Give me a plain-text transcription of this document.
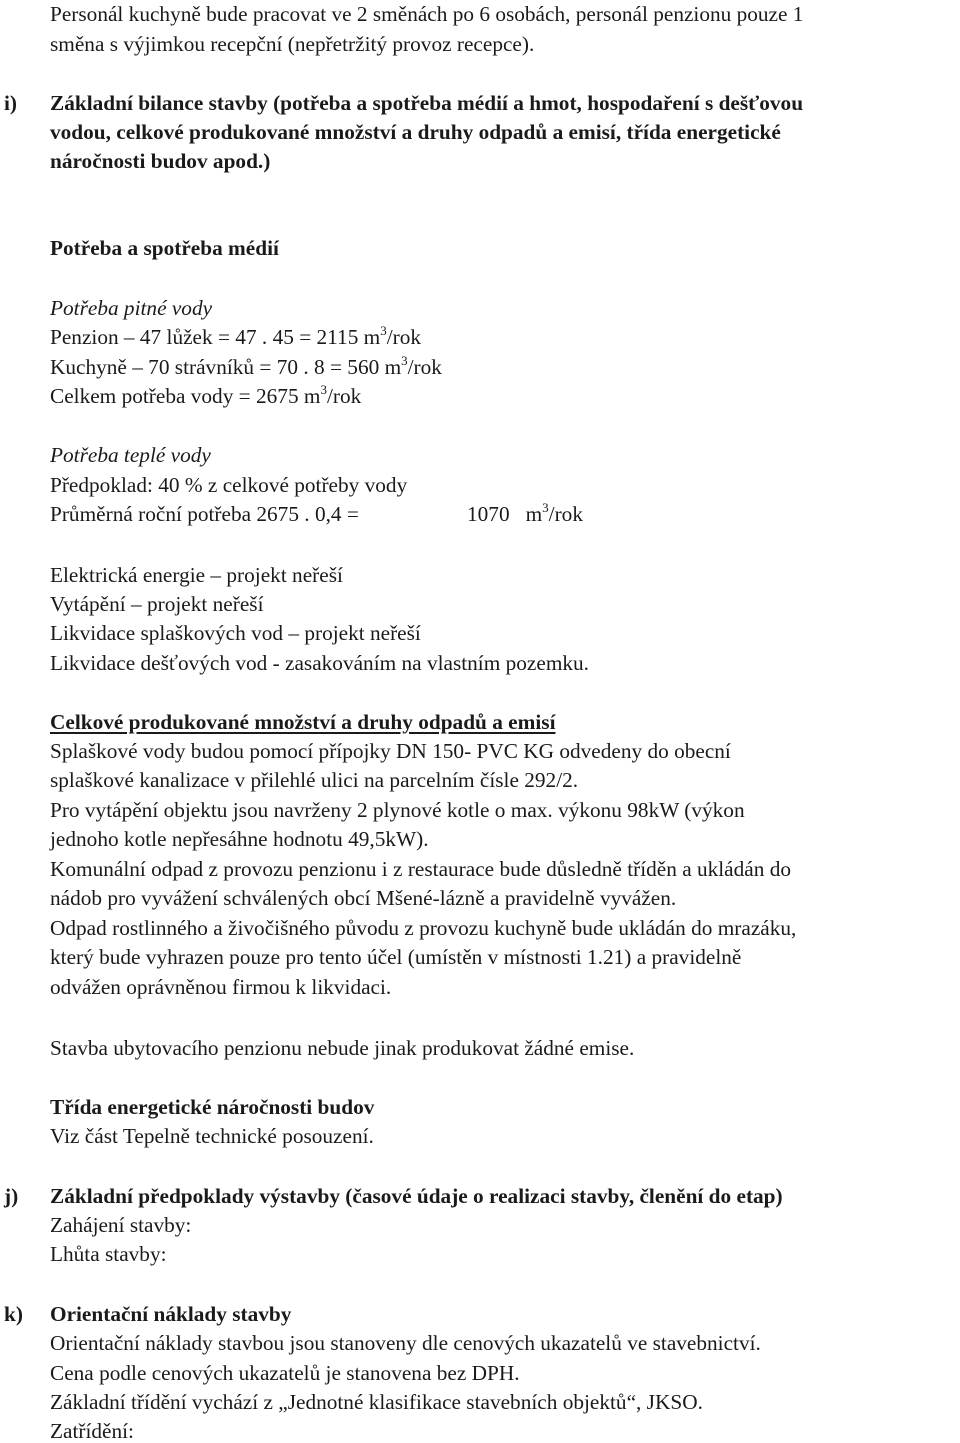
Personál kuchyně bude pracovat ve 2 směnách po 6 osobách, personál penzionu pouze 1
směna s výjimkou recepční (nepřetržitý provoz recepce).
i) Základní bilance stavby (potřeba a spotřeba médií a hmot, hospodaření s dešťovou
vodou, celkové produkované množství a druhy odpadů a emisí, třída energetické
náročnosti budov apod.)
Potřeba a spotřeba médií
Potřeba pitné vody
Penzion – 47 lůžek = 47 . 45 = 2115 $m^3$/rok
Kuchyně – 70 strávníků = 70 . 8 = 560 $m^3$/rok
Celkem potřeba vody = 2675 $m^3$/rok
Potřeba teplé vody
Předpoklad: 40 % z celkové potřeby vody
Průměrná roční potřeba 2675 . 0,4 =	1070 $m^3$/rok
Elektrická energie – projekt neřeší
Vytápění – projekt neřeší
Likvidace splaškových vod – projekt neřeší
Likvidace dešťových vod - zasakováním na vlastním pozemku.
Celkové produkované množství a druhy odpadů a emisí
Splaškové vody budou pomocí přípojky DN 150- PVC KG odvedeny do obecní
splaškové kanalizace v přilehlé ulici na parcelním čísle 292/2.
Pro vytápění objektu jsou navrženy 2 plynové kotle o max. výkonu 98kW (výkon
jednoho kotle nepřesáhne hodnotu 49,5kW).
Komunální odpad z provozu penzionu i z restaurace bude důsledně tříděn a ukládán do
nádob pro vyvážení schválených obcí Mšené-lázně a pravidelně vyvážen.
Odpad rostlinného a živočišného původu z provozu kuchyně bude ukládán do mrazáku,
který bude vyhrazen pouze pro tento účel (umístěn v místnosti 1.21) a pravidelně
odvážen oprávněnou firmou k likvidaci.
Stavba ubytovacího penzionu nebude jinak produkovat žádné emise.
Třída energetické náročnosti budov
Viz část Tepelně technické posouzení.
j) Základní předpoklady výstavby (časové údaje o realizaci stavby, členění do etap)
Zahájení stavby:
Lhůta stavby:
k) Orientační náklady stavby
Orientační náklady stavbou jsou stanoveny dle cenových ukazatelů ve stavebnictví.
Cena podle cenových ukazatelů je stanovena bez DPH.
Základní třídění vychází z „Jednotné klasifikace stavebních objektů“, JKSO.
Zatřídění:
